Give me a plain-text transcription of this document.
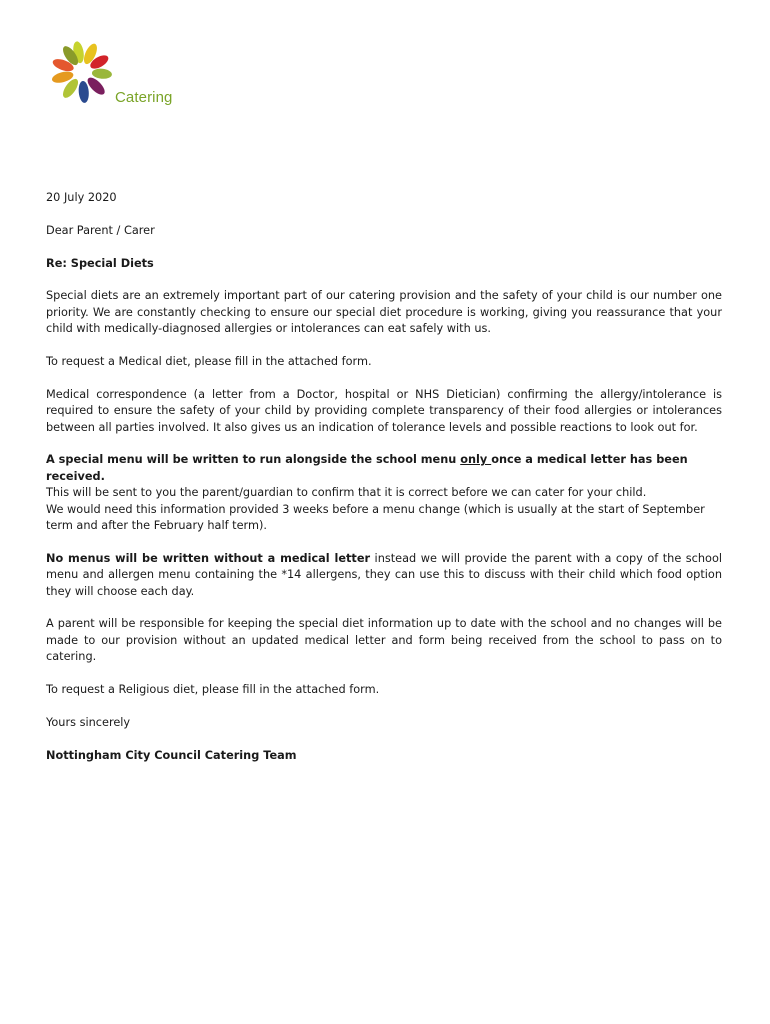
Catering

20 July 2020

Dear Parent / Carer

Re: Special Diets

Special diets are an extremely important part of our catering provision and the safety of your child is our number one priority. We are constantly checking to ensure our special diet procedure is working, giving you reassurance that your child with medically-diagnosed allergies or intolerances can eat safely with us.

To request a Medical diet, please fill in the attached form.

Medical correspondence (a letter from a Doctor, hospital or NHS Dietician) confirming the allergy/intolerance is required to ensure the safety of your child by providing complete transparency of their food allergies or intolerances between all parties involved. It also gives us an indication of tolerance levels and possible reactions to look out for.

A special menu will be written to run alongside the school menu only once a medical letter has been received.
This will be sent to you the parent/guardian to confirm that it is correct before we can cater for your child.
We would need this information provided 3 weeks before a menu change (which is usually at the start of September term and after the February half term).

No menus will be written without a medical letter instead we will provide the parent with a copy of the school menu and allergen menu containing the *14 allergens, they can use this to discuss with their child which food option they will choose each day.

A parent will be responsible for keeping the special diet information up to date with the school and no changes will be made to our provision without an updated medical letter and form being received from the school to pass on to catering.

To request a Religious diet, please fill in the attached form.

Yours sincerely

Nottingham City Council Catering Team
